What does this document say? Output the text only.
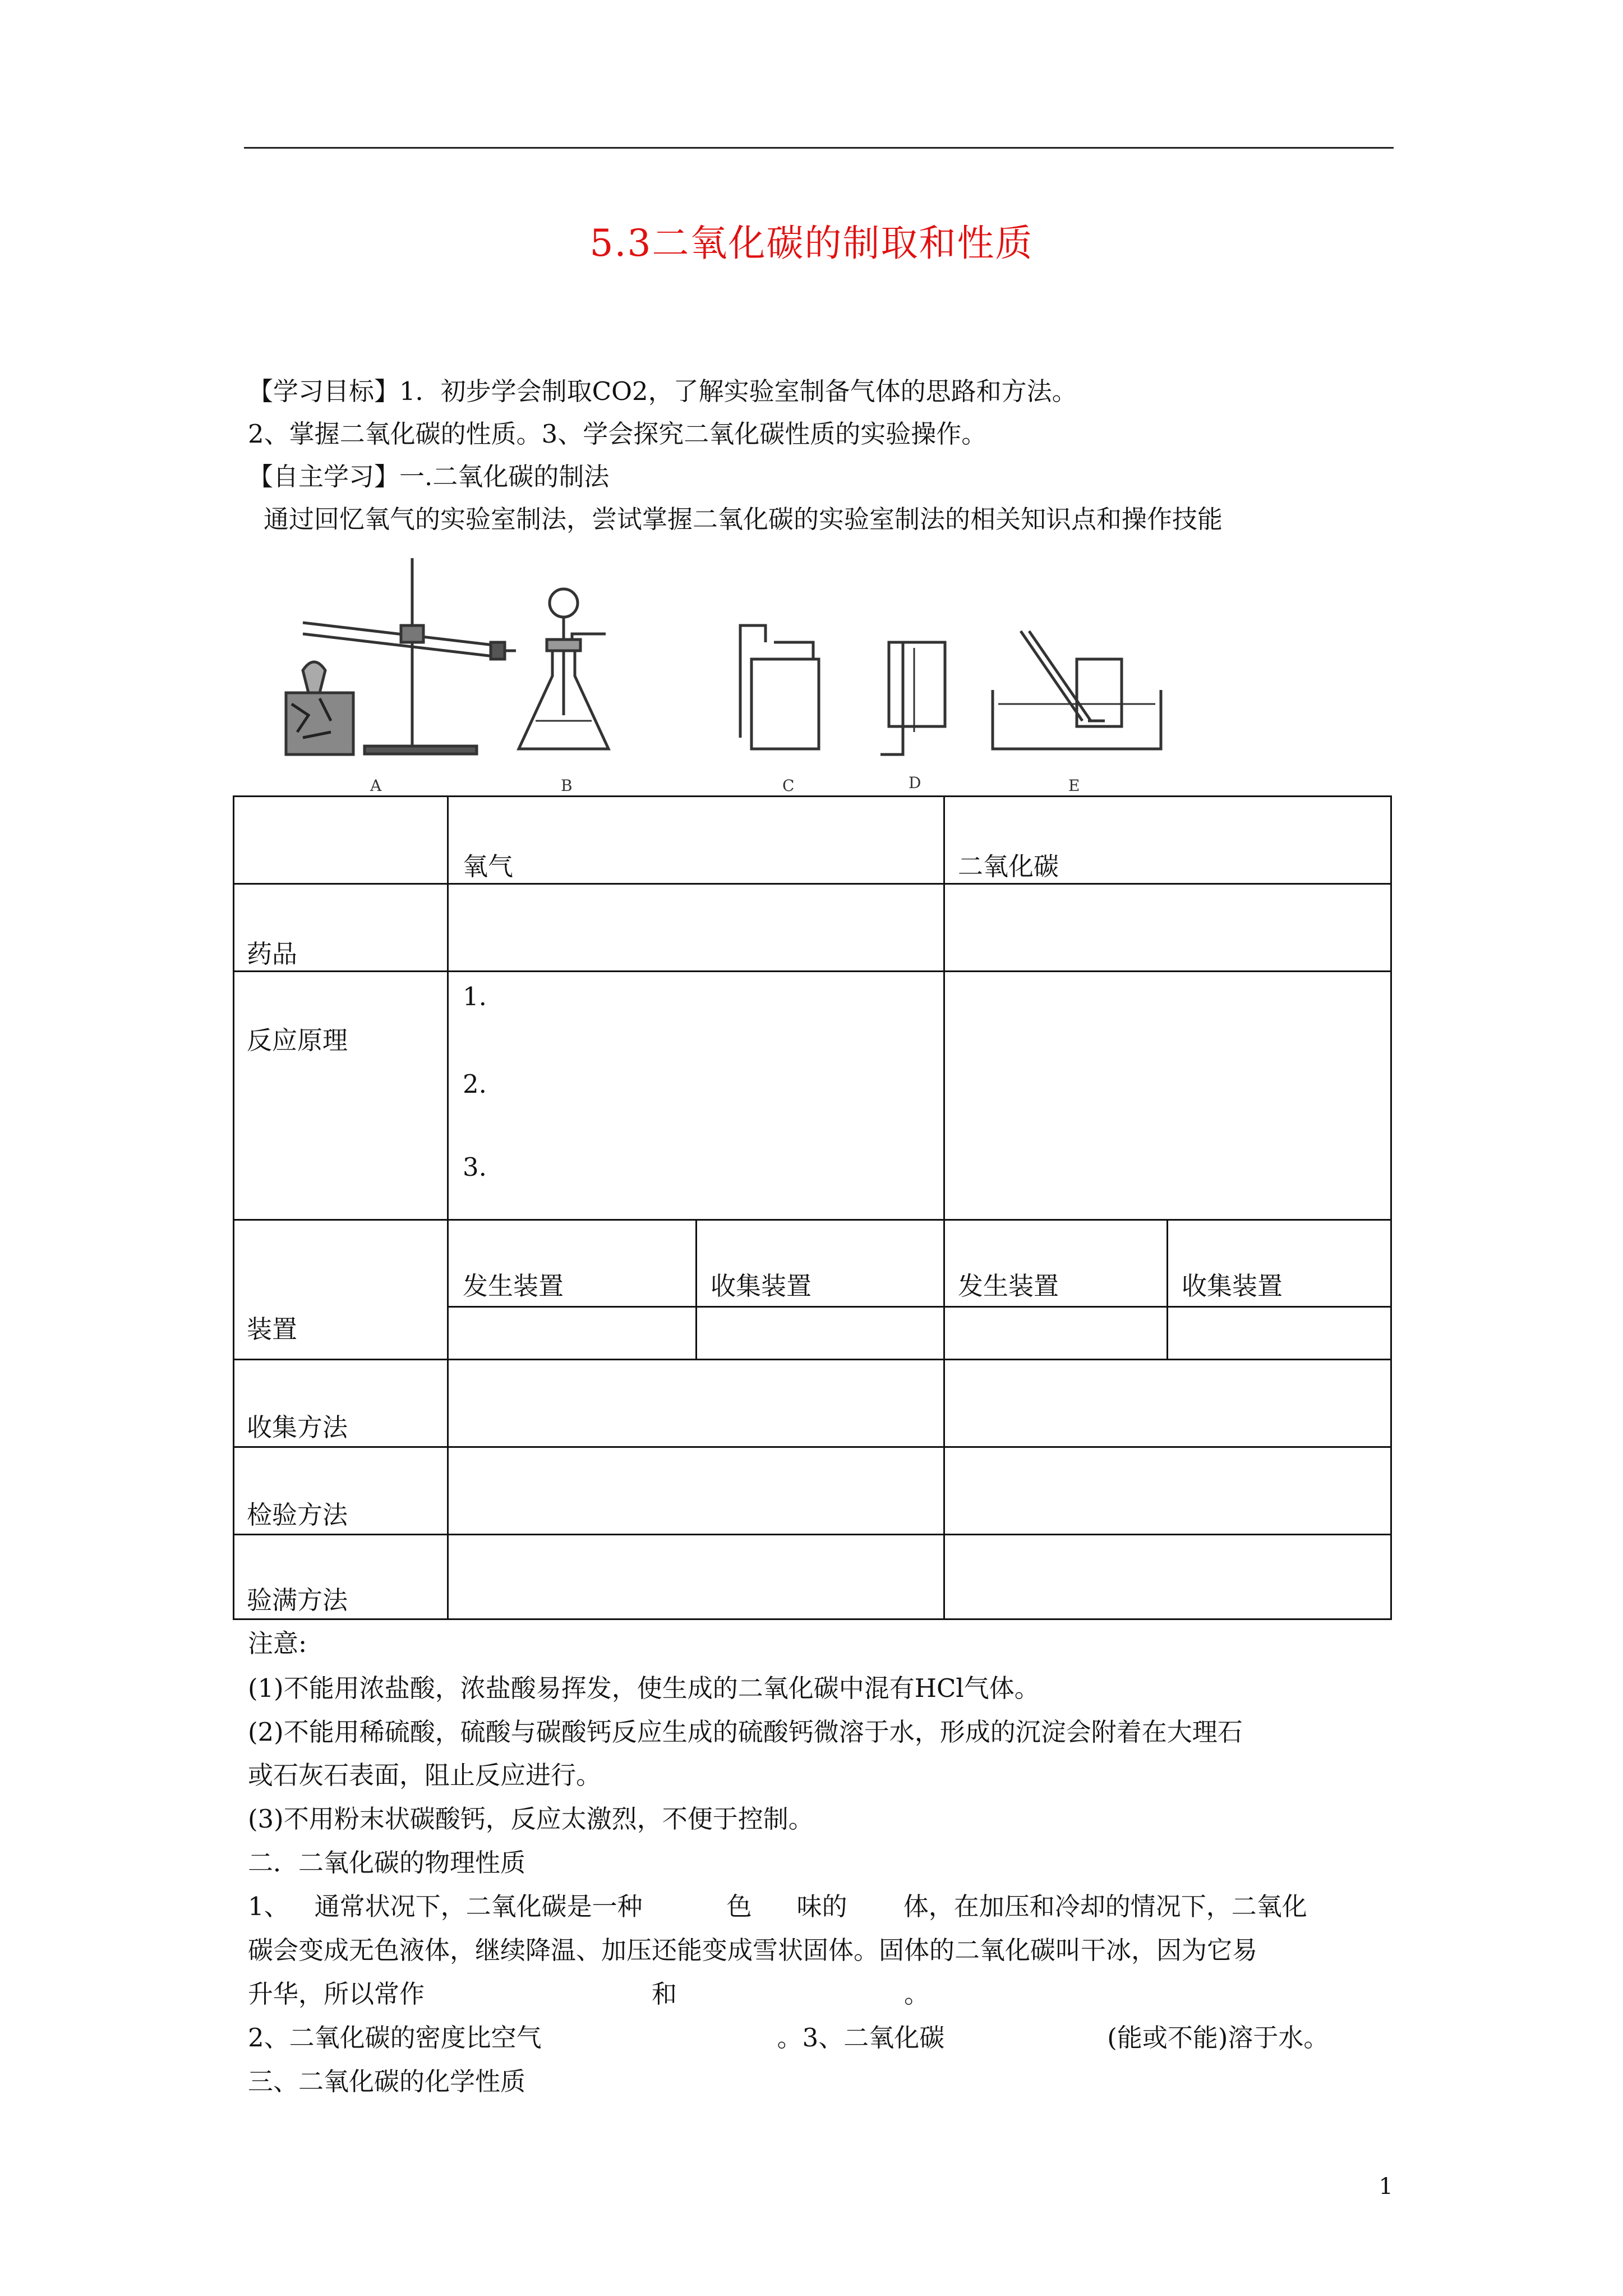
5.3二氧化碳的制取和性质
【学习目标】1．初步学会制取CO2，了解实验室制备气体的思路和方法。
2、掌握二氧化碳的性质。3、学会探究二氧化碳性质的实验操作。
【自主学习】一.二氧化碳的制法
通过回忆氧气的实验室制法，尝试掌握二氧化碳的实验室制法的相关知识点和操作技能
A	B	C	D	E
氧气	二氧化碳
药品
反应原理
1.
2.
3.
装置
发生装置	收集装置	发生装置	收集装置
收集方法
检验方法
验满方法
注意:
(1)不能用浓盐酸，浓盐酸易挥发，使生成的二氧化碳中混有HCl气体。
(2)不能用稀硫酸，硫酸与碳酸钙反应生成的硫酸钙微溶于水，形成的沉淀会附着在大理石
或石灰石表面，阻止反应进行。
(3)不用粉末状碳酸钙，反应太激烈，不便于控制。
二．二氧化碳的物理性质
1、 通常状况下，二氧化碳是一种	色 味的 体，在加压和冷却的情况下，二氧化
碳会变成无色液体，继续降温、加压还能变成雪状固体。固体的二氧化碳叫干冰，因为它易
升华，所以常作	和	。
2、二氧化碳的密度比空气	。3、二氧化碳	(能或不能)溶于水。
三、二氧化碳的化学性质
1
